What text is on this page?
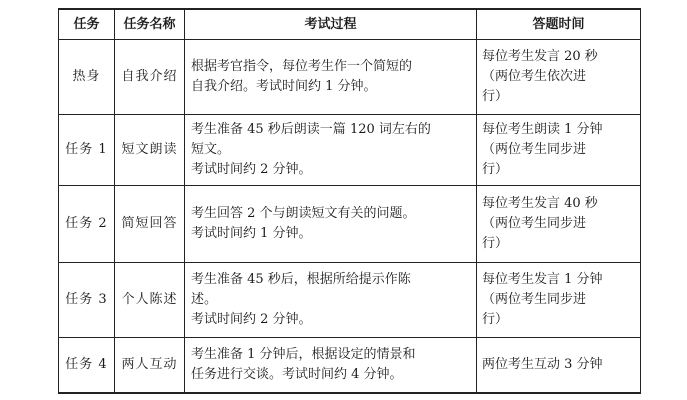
任务	任务名称	考试过程	答题时间
热身	自我介绍	根据考官指令，每位考生作一个简短的
自我介绍。考试时间约 1 分钟。	每位考生发言 20 秒
（两位考生依次进
行）

任务 1	短文朗读	考生准备 45 秒后朗读一篇 120 词左右的
短文。
考试时间约 2 分钟。	每位考生朗读 1 分钟
（两位考生同步进
行）

任务 2	简短回答	考生回答 2 个与朗读短文有关的问题。
考试时间约 1 分钟。	每位考生发言 40 秒
（两位考生同步进
行）

任务 3	个人陈述	考生准备 45 秒后，根据所给提示作陈
述。
考试时间约 2 分钟。	每位考生发言 1 分钟
（两位考生同步进
行）

任务 4	两人互动	考生准备 1 分钟后，根据设定的情景和
任务进行交谈。考试时间约 4 分钟。	两位考生互动 3 分钟
